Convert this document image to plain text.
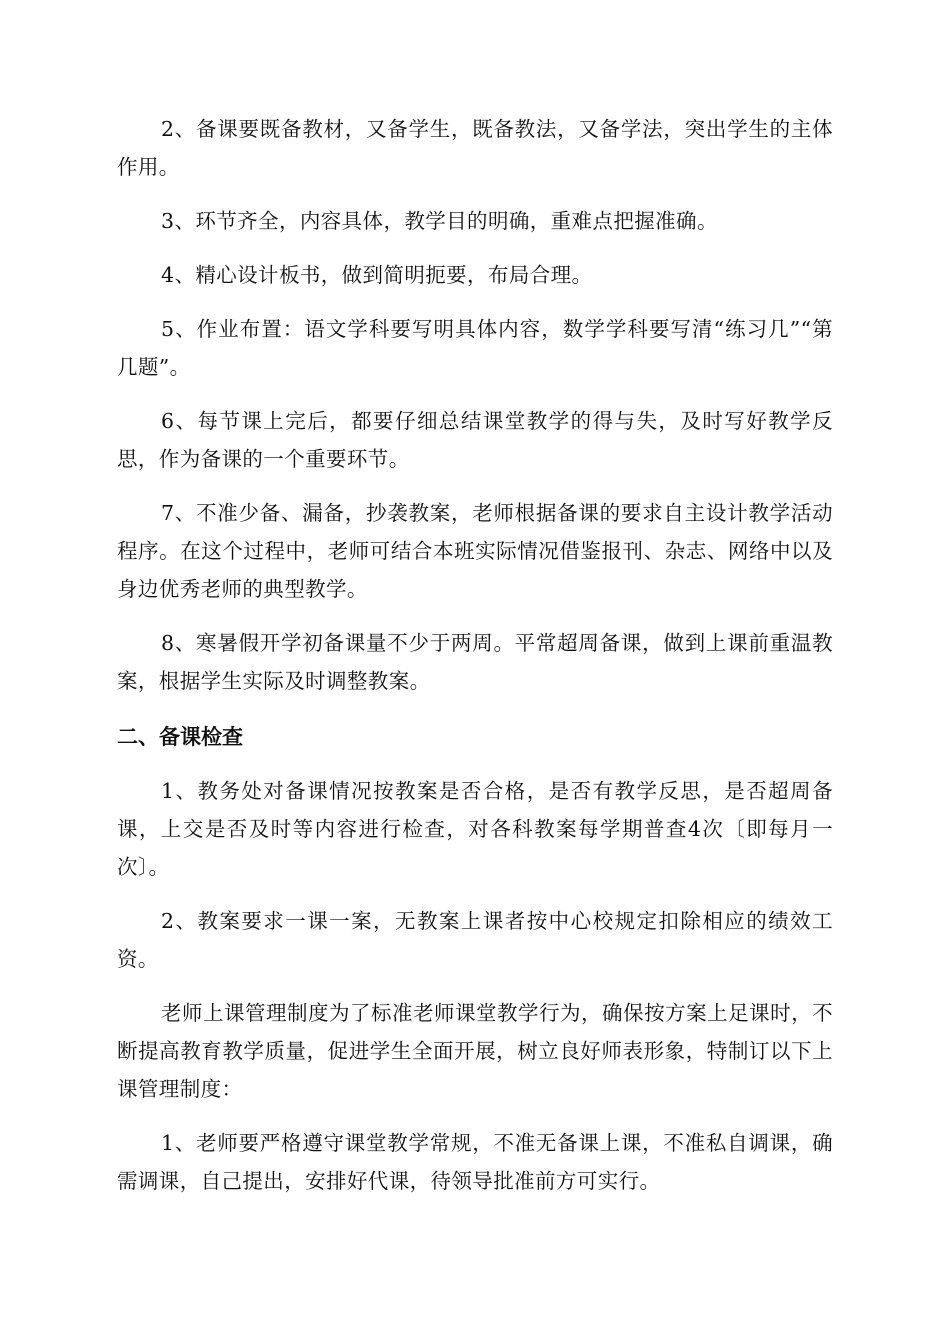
2、备课要既备教材，又备学生，既备教法，又备学法，突出学生的主体作用。

3、环节齐全，内容具体，教学目的明确，重难点把握准确。

4、精心设计板书，做到简明扼要，布局合理。

5、作业布置：语文学科要写明具体内容，数学学科要写清“练习几”“第几题”。

6、每节课上完后，都要仔细总结课堂教学的得与失，及时写好教学反思，作为备课的一个重要环节。

7、不准少备、漏备，抄袭教案，老师根据备课的要求自主设计教学活动程序。在这个过程中，老师可结合本班实际情况借鉴报刊、杂志、网络中以及身边优秀老师的典型教学。

8、寒暑假开学初备课量不少于两周。平常超周备课，做到上课前重温教案，根据学生实际及时调整教案。

二、备课检查

1、教务处对备课情况按教案是否合格，是否有教学反思，是否超周备课，上交是否及时等内容进行检查，对各科教案每学期普查4次〔即每月一次〕。

2、教案要求一课一案，无教案上课者按中心校规定扣除相应的绩效工资。

老师上课管理制度为了标准老师课堂教学行为，确保按方案上足课时，不断提高教育教学质量，促进学生全面开展，树立良好师表形象，特制订以下上课管理制度：

1、老师要严格遵守课堂教学常规，不准无备课上课，不准私自调课，确需调课，自己提出，安排好代课，待领导批准前方可实行。
